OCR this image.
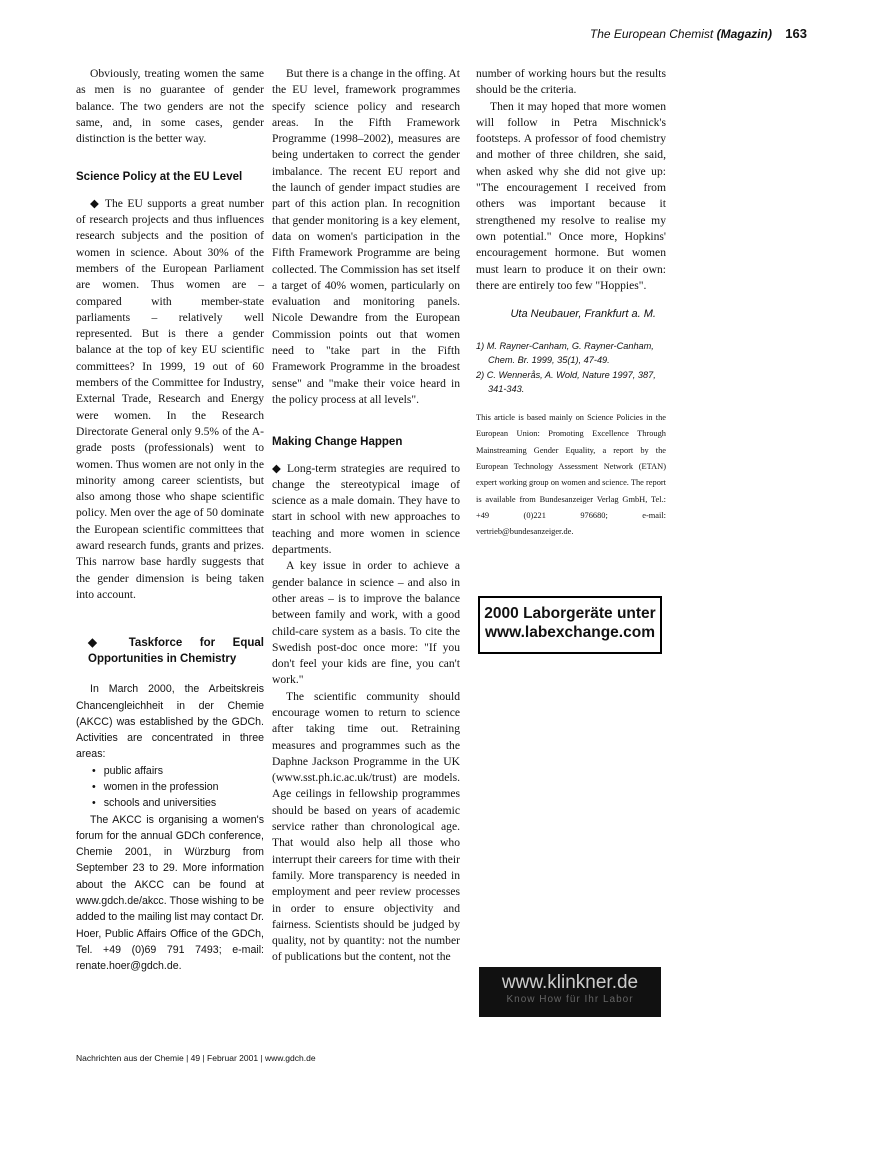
The European Chemist (Magazin) 163

Obviously, treating women the same as men is no guarantee of gender balance. The two genders are not the same, and, in some cases, gender distinction is the better way.

Science Policy at the EU Level

◆ The EU supports a great number of research projects and thus influences research subjects and the position of women in science. About 30% of the members of the European Parliament are women. Thus women are – compared with member-state parliaments – relatively well represented. But is there a gender balance at the top of key EU scientific committees? In 1999, 19 out of 60 members of the Committee for Industry, External Trade, Research and Energy were women. In the Research Directorate General only 9.5% of the A-grade posts (professionals) went to women. Thus women are not only in the minority among career scientists, but also among those who shape scientific policy. Men over the age of 50 dominate the European scientific committees that award research funds, grants and prizes. This narrow base hardly suggests that the gender dimension is being taken into account.

◆ Taskforce for Equal Opportunities in Chemistry

In March 2000, the Arbeitskreis Chancengleichheit in der Chemie (AKCC) was established by the GDCh. Activities are concentrated in three areas:

• public affairs
• women in the profession
• schools and universities

The AKCC is organising a women's forum for the annual GDCh conference, Chemie 2001, in Würzburg from September 23 to 29. More information about the AKCC can be found at www.gdch.de/akcc. Those wishing to be added to the mailing list may contact Dr. Hoer, Public Affairs Office of the GDCh, Tel. +49 (0)69 791 7493; e-mail: renate.hoer@gdch.de.

But there is a change in the offing. At the EU level, framework programmes specify science policy and research areas. In the Fifth Framework Programme (1998–2002), measures are being undertaken to correct the gender imbalance. The recent EU report and the launch of gender impact studies are part of this action plan. In recognition that gender monitoring is a key element, data on women's participation in the Fifth Framework Programme are being collected. The Commission has set itself a target of 40% women, particularly on evaluation and monitoring panels. Nicole Dewandre from the European Commission points out that women need to "take part in the Fifth Framework Programme in the broadest sense" and "make their voice heard in the policy process at all levels".

Making Change Happen

◆ Long-term strategies are required to change the stereotypical image of science as a male domain. They have to start in school with new approaches to teaching and more women in science departments.

A key issue in order to achieve a gender balance in science – and also in other areas – is to improve the balance between family and work, with a good child-care system as a basis. To cite the Swedish post-doc once more: "If you don't feel your kids are fine, you can't work."

The scientific community should encourage women to return to science after taking time out. Retraining measures and programmes such as the Daphne Jackson Programme in the UK (www.sst.ph.ic.ac.uk/trust) are models. Age ceilings in fellowship programmes should be based on years of academic service rather than chronological age. That would also help all those who interrupt their careers for time with their family. More transparency is needed in employment and peer review processes in order to ensure objectivity and fairness. Scientists should be judged by quality, not by quantity: not the number of publications but the content, not the

number of working hours but the results should be the criteria.

Then it may hoped that more women will follow in Petra Mischnick's footsteps. A professor of food chemistry and mother of three children, she said, when asked why she did not give up: "The encouragement I received from others was important because it strengthened my resolve to realise my own potential." Once more, Hopkins' encouragement hormone. But women must learn to produce it on their own: there are entirely too few "Hoppies".

Uta Neubauer, Frankfurt a. M.

1) M. Rayner-Canham, G. Rayner-Canham, Chem. Br. 1999, 35(1), 47-49.

2) C. Wennerås, A. Wold, Nature 1997, 387, 341-343.

This article is based mainly on Science Policies in the European Union: Promoting Excellence Through Mainstreaming Gender Equality, a report by the European Technology Assessment Network (ETAN) expert working group on women and science. The report is available from Bundesanzeiger Verlag GmbH, Tel.: +49 (0)221 976680; e-mail: vertrieb@bundesanzeiger.de.
2000 Laborgeräte unter www.labexchange.com
www.klinkner.de
Know How für Ihr Labor
Nachrichten aus der Chemie | 49 | Februar 2001 | www.gdch.de
